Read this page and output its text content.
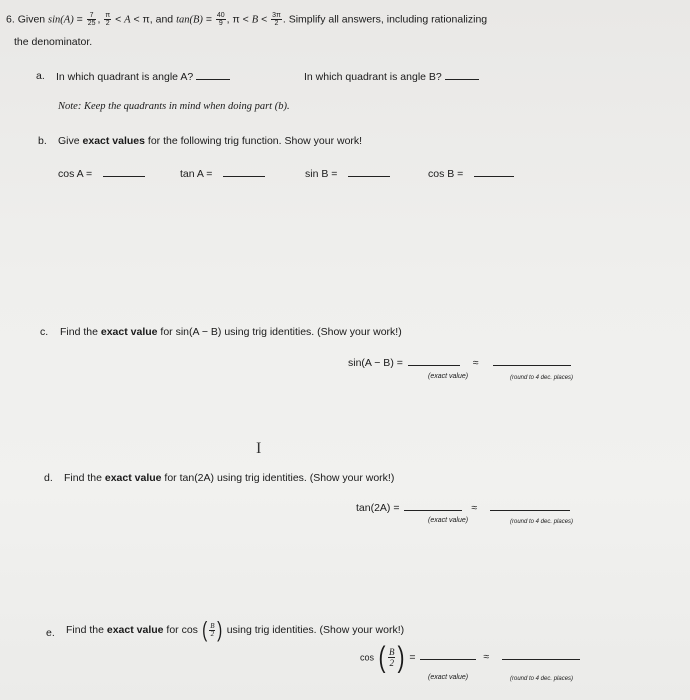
6. Given $\sin(A) = \frac{7}{25}$ , $\frac{\pi}{2} < A < \pi$, and $\tan(B) = \frac{40}{9}$ , $\pi < B < \frac{3\pi}{2}$ . Simplify all answers, including rationalizing
the denominator.
a. In which quadrant is angle A?	In which quadrant is angle B?
Note: Keep the quadrants in mind when doing part (b).
b. Give exact values for the following trig function. Show your work!
cos A =	tan A =	sin B =	cos B =
c. Find the exact value for sin(A − B) using trig identities. (Show your work!)
sin(A − B) =	≈
(exact value)	(round to 4 dec. places)
I
d. Find the exact value for tan(2A) using trig identities. (Show your work!)
tan(2A) =	≈
(exact value)	(round to 4 dec. places)
e. Find the exact value for cos ( $\frac{B}{2}$ ) using trig identities. (Show your work!)
cos ( $\frac{B}{2}$ ) =	≈
(exact value)	(round to 4 dec. places)
